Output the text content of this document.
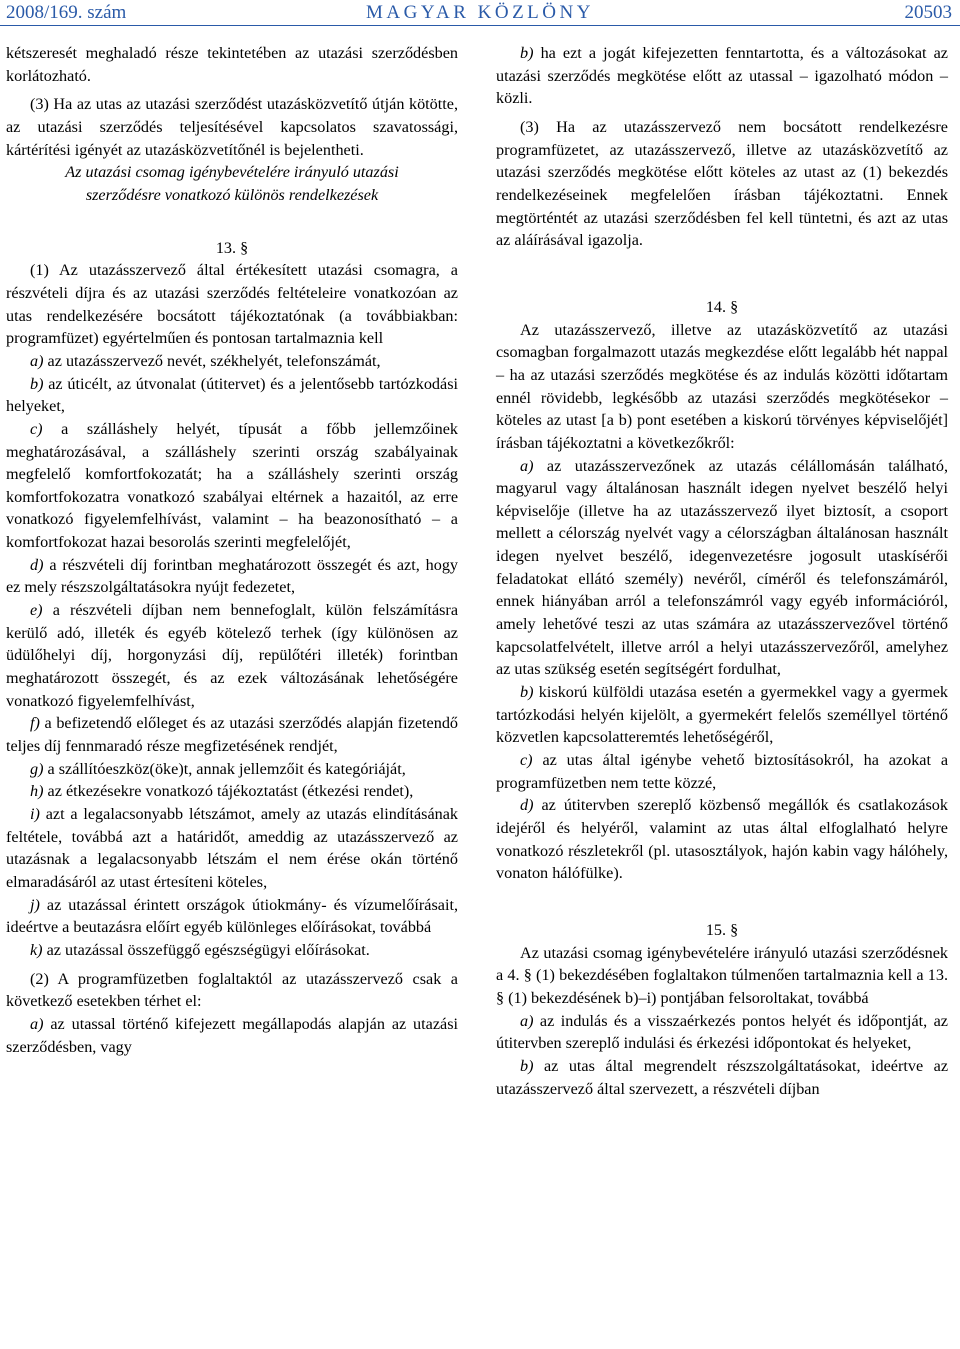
2008/169. szám	MAGYAR KÖZLÖNY	20503

kétszeresét meghaladó része tekintetében az utazási szerződésben korlátozható.

(3) Ha az utas az utazási szerződést utazásközvetítő útján kötötte, az utazási szerződés teljesítésével kapcsolatos szavatossági, kártérítési igényét az utazásközvetítőnél is bejelentheti.

Az utazási csomag igénybevételére irányuló utazási
szerződésre vonatkozó különös rendelkezések

13. §

(1) Az utazásszervező által értékesített utazási csomagra, a részvételi díjra és az utazási szerződés feltételeire vonatkozóan az utas rendelkezésére bocsátott tájékoztatónak (a továbbiakban: programfüzet) egyértelműen és pontosan tartalmaznia kell

a) az utazásszervező nevét, székhelyét, telefonszámát,

b) az úticélt, az útvonalat (útitervet) és a jelentősebb tartózkodási helyeket,

c) a szálláshely helyét, típusát a főbb jellemzőinek meghatározásával, a szálláshely szerinti ország szabályainak megfelelő komfortfokozatát; ha a szálláshely szerinti ország komfortfokozatra vonatkozó szabályai eltérnek a hazaitól, az erre vonatkozó figyelemfelhívást, valamint – ha beazonosítható – a komfortfokozat hazai besorolás szerinti megfelelőjét,

d) a részvételi díj forintban meghatározott összegét és azt, hogy ez mely részszolgáltatásokra nyújt fedezetet,

e) a részvételi díjban nem bennefoglalt, külön felszámításra kerülő adó, illeték és egyéb kötelező terhek (így különösen az üdülőhelyi díj, horgonyzási díj, repülőtéri illeték) forintban meghatározott összegét, és az ezek változásának lehetőségére vonatkozó figyelemfelhívást,

f) a befizetendő előleget és az utazási szerződés alapján fizetendő teljes díj fennmaradó része megfizetésének rendjét,

g) a szállítóeszköz(öke)t, annak jellemzőit és kategóriáját,

h) az étkezésekre vonatkozó tájékoztatást (étkezési rendet),

i) azt a legalacsonyabb létszámot, amely az utazás elindításának feltétele, továbbá azt a határidőt, ameddig az utazásszervező az utazásnak a legalacsonyabb létszám el nem érése okán történő elmaradásáról az utast értesíteni köteles,

j) az utazással érintett országok útiokmány- és vízumelőírásait, ideértve a beutazásra előírt egyéb különleges előírásokat, továbbá

k) az utazással összefüggő egészségügyi előírásokat.

(2) A programfüzetben foglaltaktól az utazásszervező csak a következő esetekben térhet el:

a) az utassal történő kifejezett megállapodás alapján az utazási szerződésben, vagy

b) ha ezt a jogát kifejezetten fenntartotta, és a változásokat az utazási szerződés megkötése előtt az utassal – igazolható módon – közli.

(3) Ha az utazásszervező nem bocsátott rendelkezésre programfüzetet, az utazásszervező, illetve az utazásközvetítő az utazási szerződés megkötése előtt köteles az utast az (1) bekezdés rendelkezéseinek megfelelően írásban tájékoztatni. Ennek megtörténtét az utazási szerződésben fel kell tüntetni, és azt az utas az aláírásával igazolja.

14. §

Az utazásszervező, illetve az utazásközvetítő az utazási csomagban forgalmazott utazás megkezdése előtt legalább hét nappal – ha az utazási szerződés megkötése és az indulás közötti időtartam ennél rövidebb, legkésőbb az utazási szerződés megkötésekor – köteles az utast [a b) pont esetében a kiskorú törvényes képviselőjét] írásban tájékoztatni a következőkről:

a) az utazásszervezőnek az utazás célállomásán található, magyarul vagy általánosan használt idegen nyelvet beszélő helyi képviselője (illetve ha az utazásszervező ilyet biztosít, a csoport mellett a célország nyelvét vagy a célországban általánosan használt idegen nyelvet beszélő, idegenvezetésre jogosult utaskísérői feladatokat ellátó személy) nevéről, címéről és telefonszámáról, ennek hiányában arról a telefonszámról vagy egyéb információról, amely lehetővé teszi az utas számára az utazásszervezővel történő kapcsolatfelvételt, illetve arról a helyi utazásszervezőről, amelyhez az utas szükség esetén segítségért fordulhat,

b) kiskorú külföldi utazása esetén a gyermekkel vagy a gyermek tartózkodási helyén kijelölt, a gyermekért felelős személlyel történő közvetlen kapcsolatteremtés lehetőségéről,

c) az utas által igénybe vehető biztosításokról, ha azokat a programfüzetben nem tette közzé,

d) az útitervben szereplő közbenső megállók és csatlakozások idejéről és helyéről, valamint az utas által elfoglalható helyre vonatkozó részletekről (pl. utasosztályok, hajón kabin vagy hálóhely, vonaton hálófülke).

15. §

Az utazási csomag igénybevételére irányuló utazási szerződésnek a 4. § (1) bekezdésében foglaltakon túlmenően tartalmaznia kell a 13. § (1) bekezdésének b)–i) pontjában felsoroltakat, továbbá

a) az indulás és a visszaérkezés pontos helyét és időpontját, az útitervben szereplő indulási és érkezési időpontokat és helyeket,

b) az utas által megrendelt részszolgáltatásokat, ideértve az utazásszervező által szervezett, a részvételi díjban
